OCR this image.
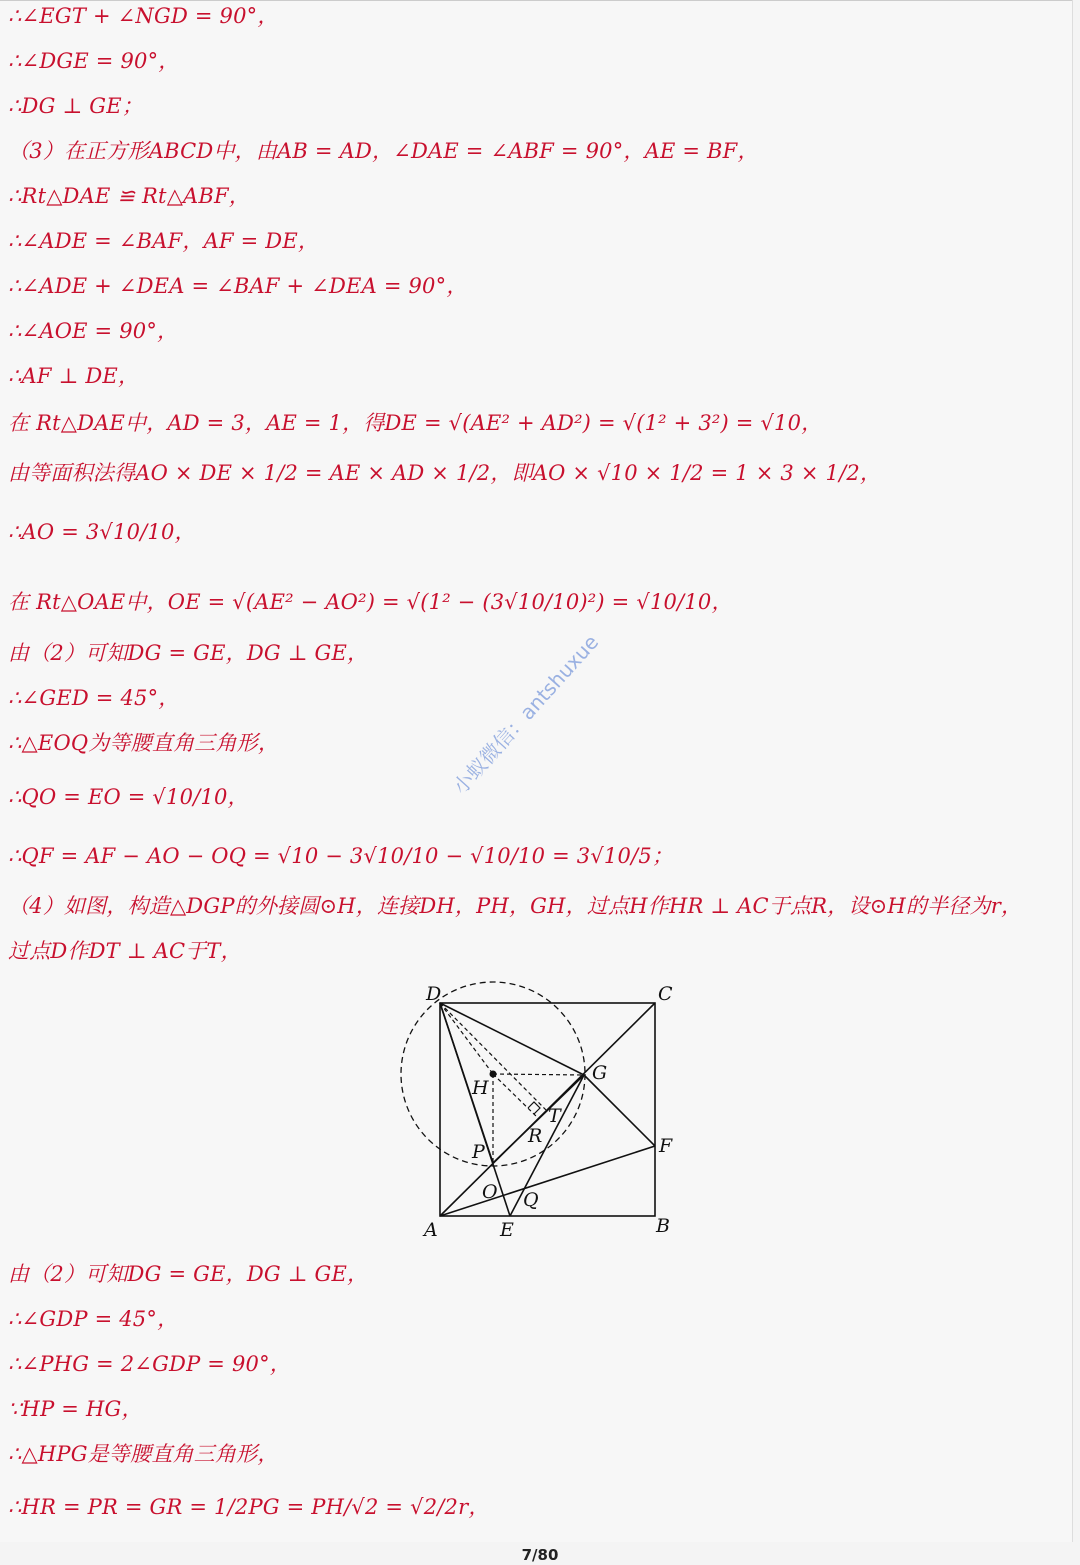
∴∠EGT + ∠NGD = 90°，
∴∠DGE = 90°，
∴DG ⊥ GE；
（3）在正方形ABCD中，由AB = AD，∠DAE = ∠ABF = 90°，AE = BF，
∴Rt△DAE ≌ Rt△ABF，
∴∠ADE = ∠BAF，AF = DE，
∴∠ADE + ∠DEA = ∠BAF + ∠DEA = 90°，
∴∠AOE = 90°，
∴AF ⊥ DE，
在 Rt△DAE中，AD = 3，AE = 1，得DE = √(AE² + AD²) = √(1² + 3²) = √10，
由等面积法得AO × DE × 1/2 = AE × AD × 1/2，即AO × √10 × 1/2 = 1 × 3 × 1/2，
∴AO = 3√10/10，
在 Rt△OAE中，OE = √(AE² − AO²) = √(1² − (3√10/10)²) = √10/10，
由（2）可知DG = GE，DG ⊥ GE，
∴∠GED = 45°，
∴△EOQ为等腰直角三角形，
∴QO = EO = √10/10，
∴QF = AF − AO − OQ = √10 − 3√10/10 − √10/10 = 3√10/5；
（4）如图，构造△DGP的外接圆⊙H，连接DH，PH，GH，过点H作HR ⊥ AC于点R，设⊙H的半径为r，
过点D作DT ⊥ AC于T，
D	C
H
G
T
R	F
P
O Q
A	E	B
由（2）可知DG = GE，DG ⊥ GE，
∴∠GDP = 45°，
∴∠PHG = 2∠GDP = 90°，
∵HP = HG，
∴△HPG是等腰直角三角形，
∴HR = PR = GR = 1/2PG = PH/√2 = √2/2r，
小蚁微信：antshuxue
7/80
